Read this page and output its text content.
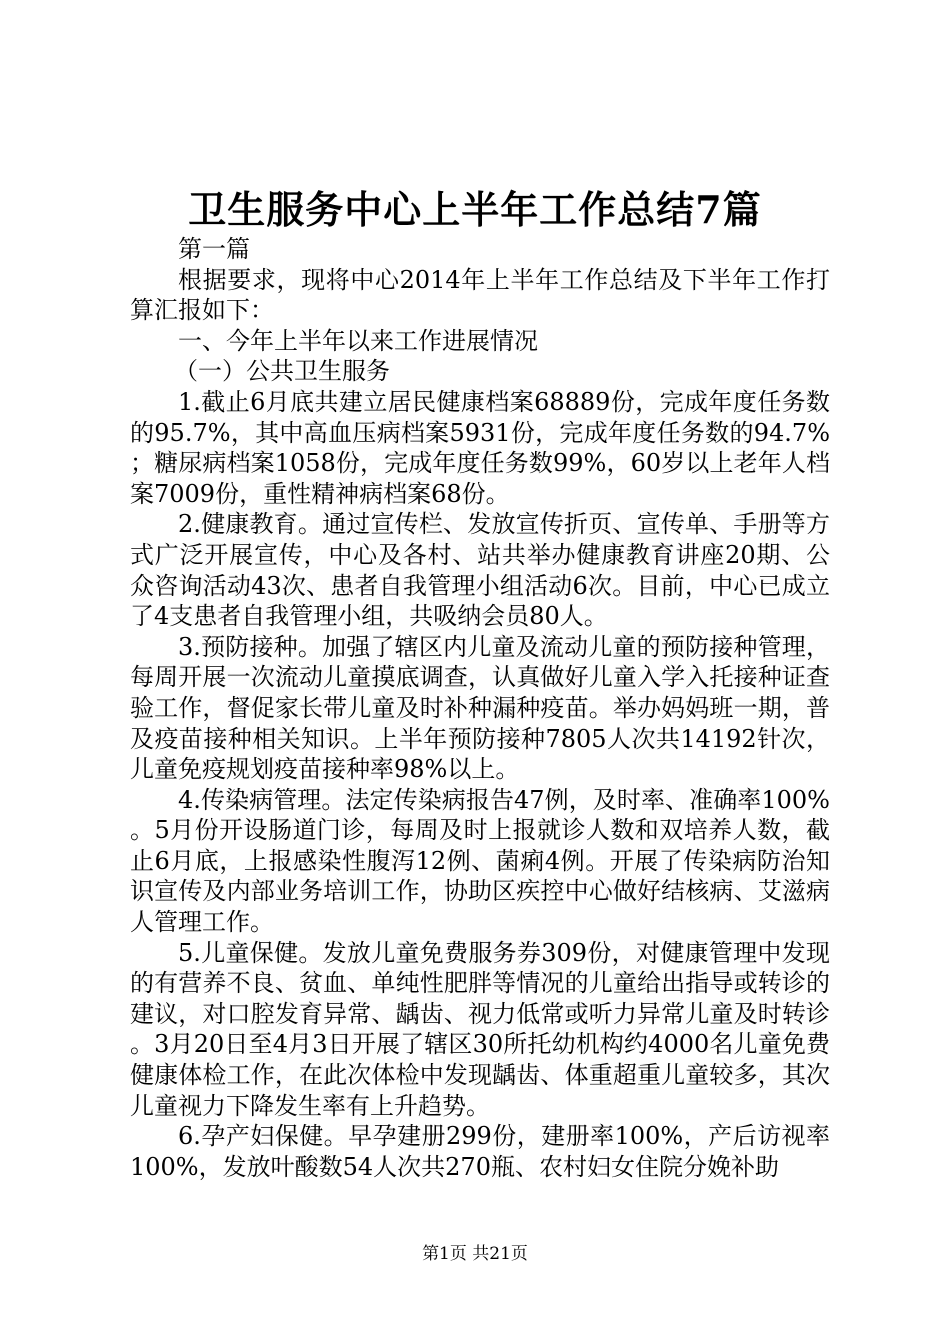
卫生服务中心上半年工作总结7篇

第一篇

根据要求，现将中心2014年上半年工作总结及下半年工作打算汇报如下：

一、今年上半年以来工作进展情况

（一）公共卫生服务

1.截止6月底共建立居民健康档案68889份，完成年度任务数的95.7%，其中高血压病档案5931份，完成年度任务数的94.7%；糖尿病档案1058份，完成年度任务数99%，60岁以上老年人档案7009份，重性精神病档案68份。

2.健康教育。通过宣传栏、发放宣传折页、宣传单、手册等方式广泛开展宣传，中心及各村、站共举办健康教育讲座20期、公众咨询活动43次、患者自我管理小组活动6次。目前，中心已成立了4支患者自我管理小组，共吸纳会员80人。

3.预防接种。加强了辖区内儿童及流动儿童的预防接种管理，每周开展一次流动儿童摸底调查，认真做好儿童入学入托接种证查验工作，督促家长带儿童及时补种漏种疫苗。举办妈妈班一期，普及疫苗接种相关知识。上半年预防接种7805人次共14192针次，儿童免疫规划疫苗接种率98%以上。

4.传染病管理。法定传染病报告47例，及时率、准确率100%。5月份开设肠道门诊，每周及时上报就诊人数和双培养人数，截止6月底，上报感染性腹泻12例、菌痢4例。开展了传染病防治知识宣传及内部业务培训工作，协助区疾控中心做好结核病、艾滋病人管理工作。

5.儿童保健。发放儿童免费服务券309份，对健康管理中发现的有营养不良、贫血、单纯性肥胖等情况的儿童给出指导或转诊的建议，对口腔发育异常、龋齿、视力低常或听力异常儿童及时转诊。3月20日至4月3日开展了辖区30所托幼机构约4000名儿童免费健康体检工作，在此次体检中发现龋齿、体重超重儿童较多，其次儿童视力下降发生率有上升趋势。

6.孕产妇保健。早孕建册299份，建册率100%，产后访视率100%，发放叶酸数54人次共270瓶、农村妇女住院分娩补助

第1页 共21页
